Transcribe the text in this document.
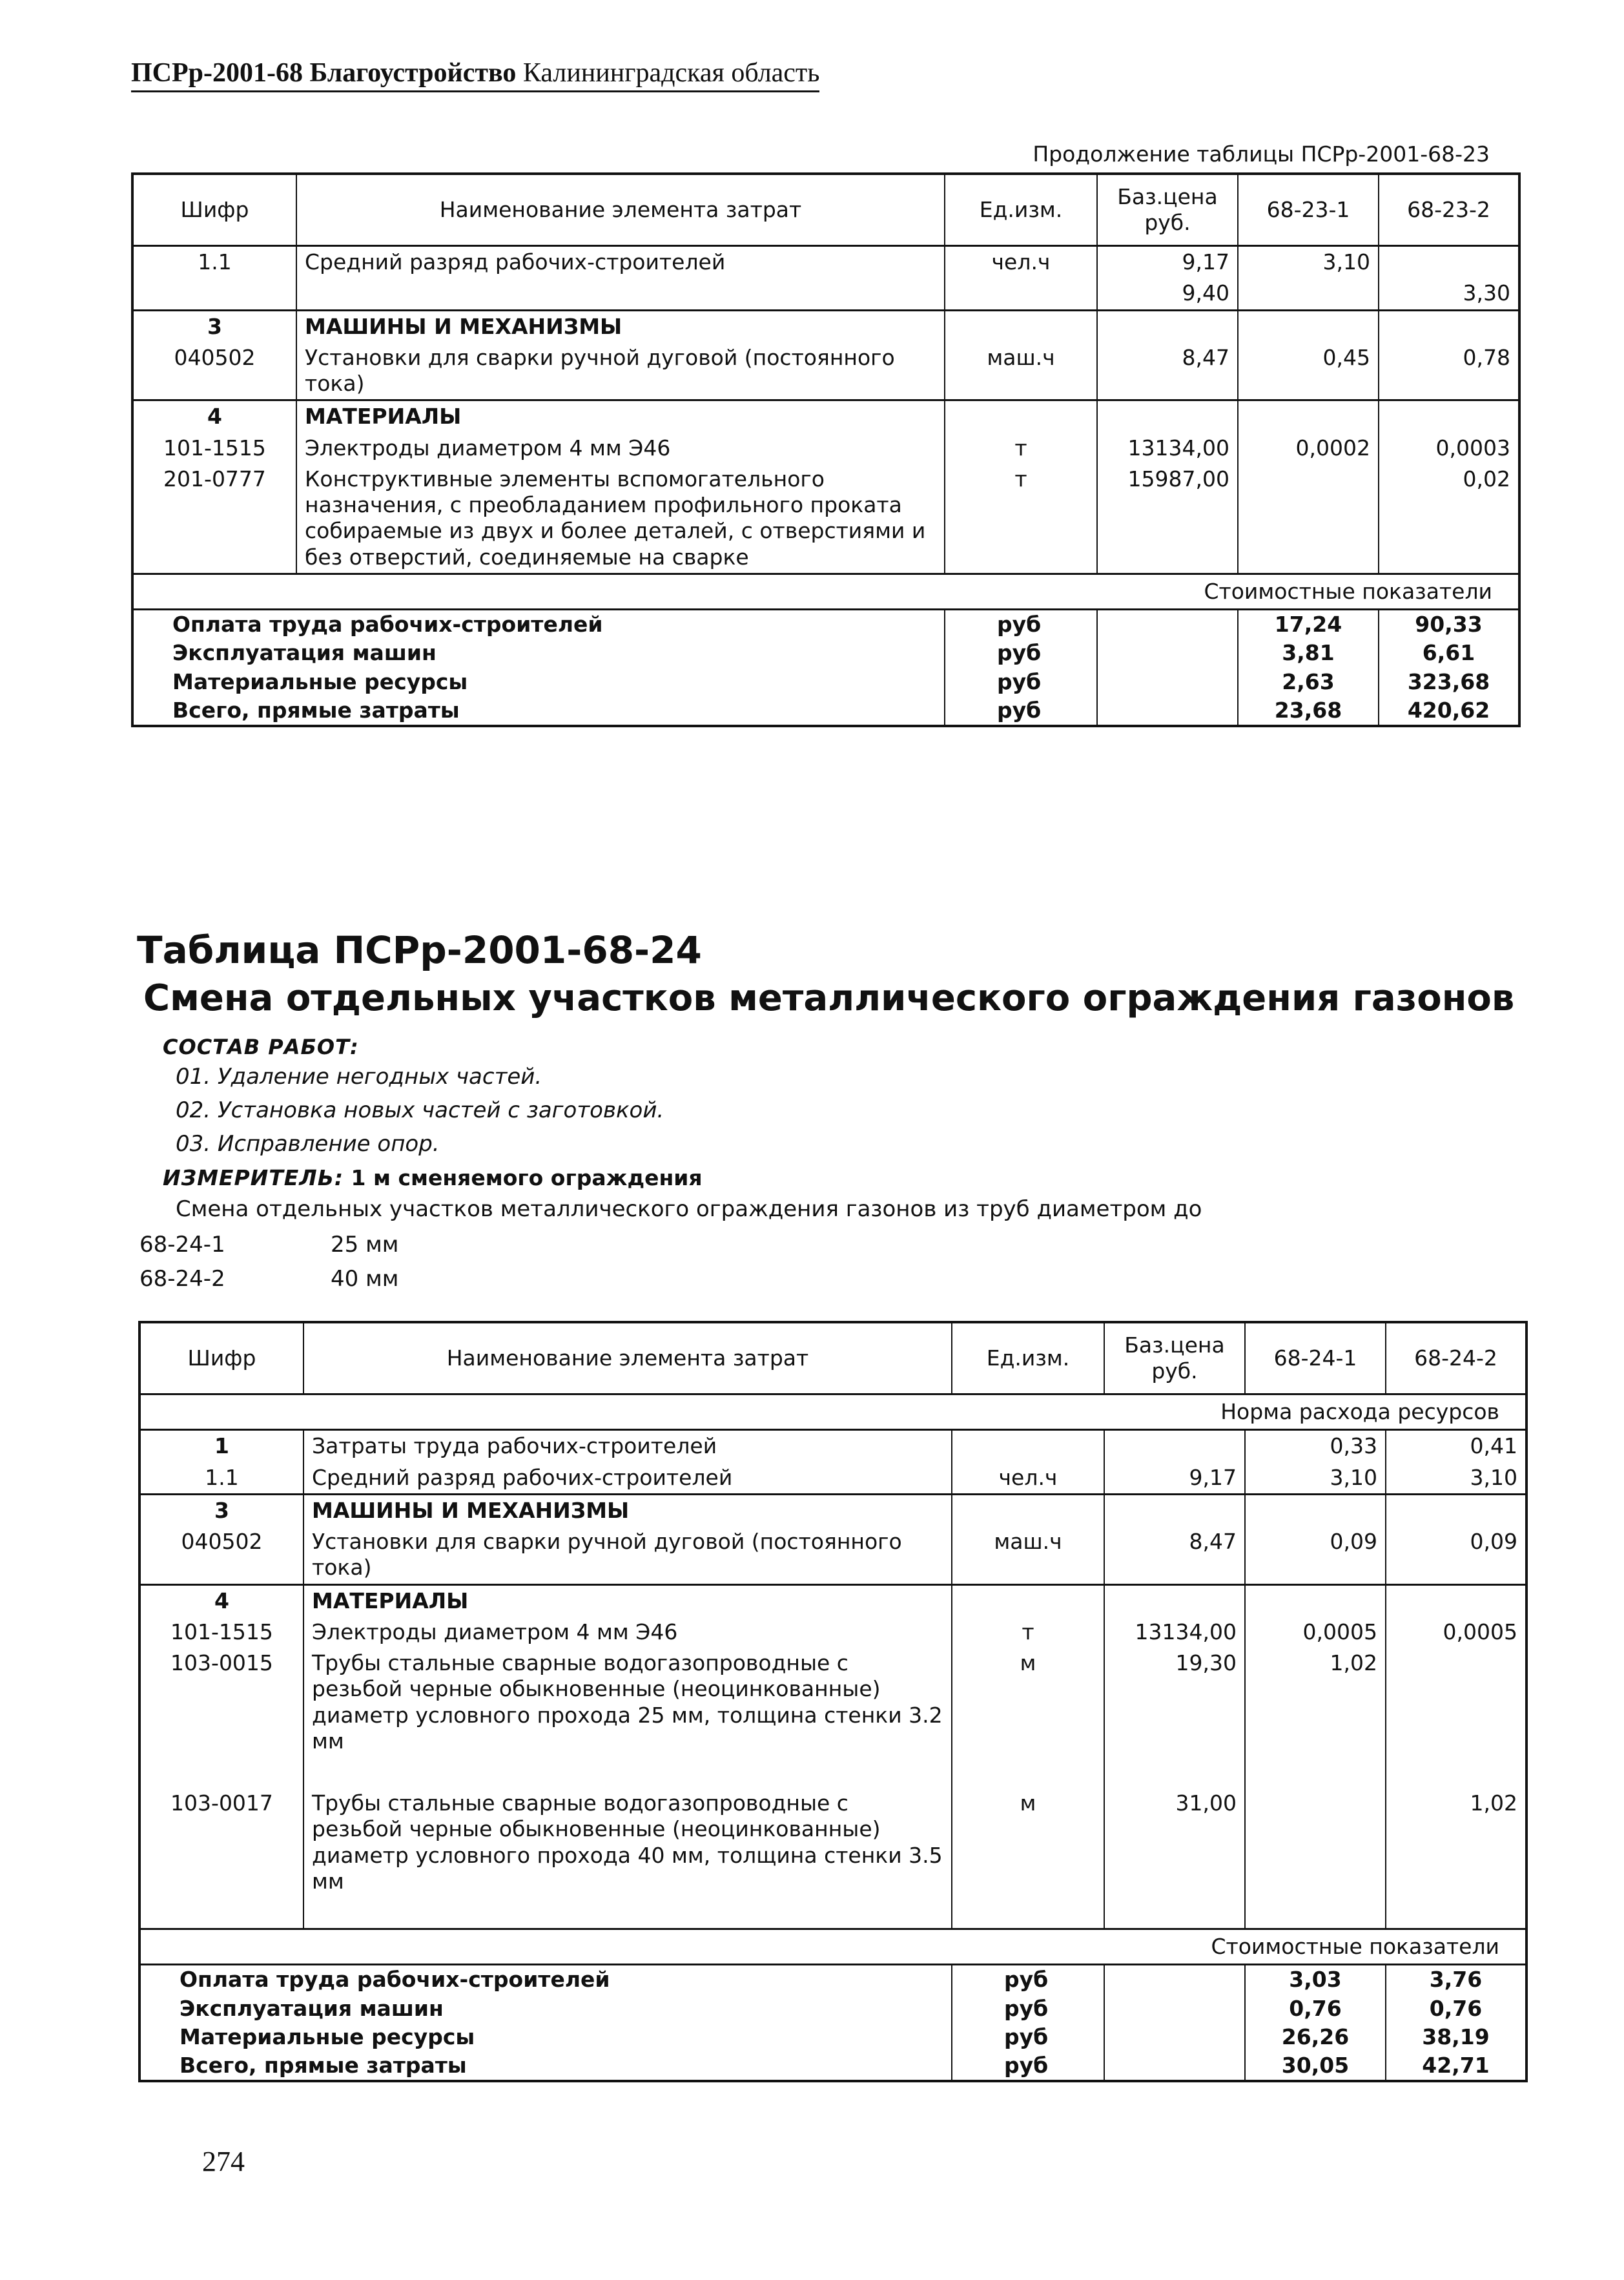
ПСРр-2001-68 Благоустройство Калининградская область
Продолжение таблицы ПСРр-2001-68-23
Шифр	Наименование элемента затрат	Ед.изм.	Баз.цена руб.	68-23-1	68-23-2
1.1	Средний разряд рабочих-строителей	чел.ч	9,17	3,10	
			9,40		3,30
3	МАШИНЫ И МЕХАНИЗМЫ				
040502	Установки для сварки ручной дуговой (постоянного тока)	маш.ч	8,47	0,45	0,78
4	МАТЕРИАЛЫ				
101-1515	Электроды диаметром 4 мм Э46	т	13134,00	0,0002	0,0003
201-0777	Конструктивные элементы вспомогательного назначения, с преобладанием профильного проката собираемые из двух и более деталей, с отверстиями и без отверстий, соединяемые на сварке	т	15987,00		0,02
Стоимостные показатели					
Оплата труда рабочих-строителей		руб		17,24	90,33
Эксплуатация машин		руб		3,81	6,61
Материальные ресурсы		руб		2,63	323,68
Всего, прямые затраты		руб		23,68	420,62
Таблица ПСРр-2001-68-24
Смена отдельных участков металлического ограждения газонов
СОСТАВ РАБОТ:
01. Удаление негодных частей.
02. Установка новых частей с заготовкой.
03. Исправление опор.
ИЗМЕРИТЕЛЬ: 1 м сменяемого ограждения
Смена отдельных участков металлического ограждения газонов из труб диаметром до
68-24-1	25 мм
68-24-2	40 мм
Шифр	Наименование элемента затрат	Ед.изм.	Баз.цена руб.	68-24-1	68-24-2
Норма расхода ресурсов					
1	Затраты труда рабочих-строителей			0,33	0,41
1.1	Средний разряд рабочих-строителей	чел.ч	9,17	3,10	3,10
3	МАШИНЫ И МЕХАНИЗМЫ				
040502	Установки для сварки ручной дуговой (постоянного тока)	маш.ч	8,47	0,09	0,09
4	МАТЕРИАЛЫ				
101-1515	Электроды диаметром 4 мм Э46	т	13134,00	0,0005	0,0005
103-0015	Трубы стальные сварные водогазопроводные с резьбой черные обыкновенные (неоцинкованные) диаметр условного прохода 25 мм, толщина стенки 3.2 мм	м	19,30	1,02	

103-0017	Трубы стальные сварные водогазопроводные с резьбой черные обыкновенные (неоцинкованные) диаметр условного прохода 40 мм, толщина стенки 3.5 мм	м	31,00		1,02

Стоимостные показатели					
Оплата труда рабочих-строителей		руб		3,03	3,76
Эксплуатация машин		руб		0,76	0,76
Материальные ресурсы		руб		26,26	38,19
Всего, прямые затраты		руб		30,05	42,71
274
